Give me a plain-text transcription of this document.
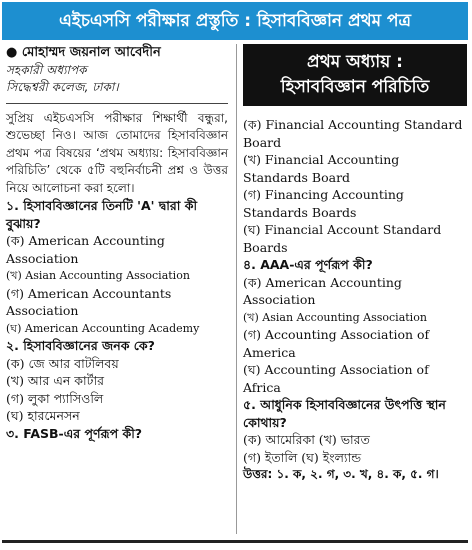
এইচএসসি পরীক্ষার প্রস্তুতি : হিসাববিজ্ঞান প্রথম পত্র
● মোহাম্মদ জয়নাল আবেদীন
সহকারী অধ্যাপক
সিদ্ধেশ্বরী কলেজ, ঢাকা।
সুপ্রিয় এইচএসসি পরীক্ষার শিক্ষার্থী বন্ধুরা, শুভেচ্ছা নিও। আজ তোমাদের হিসাববিজ্ঞান প্রথম পত্র বিষয়ের ‘প্রথম অধ্যায়: হিসাববিজ্ঞান পরিচিতি’ থেকে ৫টি বহুনির্বাচনী প্রশ্ন ও উত্তর নিয়ে আলোচনা করা হলো।
১. হিসাববিজ্ঞানের তিনটি 'A' দ্বারা কী বুঝায়?
(ক) American Accounting Association
(খ) Asian Accounting Association
(গ) American Accountants Association
(ঘ) American Accounting Academy
২. হিসাববিজ্ঞানের জনক কে?
(ক) জে আর বাটলিবয়
(খ) আর এন কার্টার
(গ) লুকা প্যাসিওলি
(ঘ) হারমেনসন
৩. FASB-এর পূর্ণরূপ কী?
প্রথম অধ্যায় :
হিসাববিজ্ঞান পরিচিতি
(ক) Financial Accounting Standard Board
(খ) Financial Accounting Standards Board
(গ) Financing Accounting Standards Boards
(ঘ) Financial Account Standard Boards
৪. AAA-এর পূর্ণরূপ কী?
(ক) American Accounting Association
(খ) Asian Accounting Association
(গ) Accounting Association of America
(ঘ) Accounting Association of Africa
৫. আধুনিক হিসাববিজ্ঞানের উৎপত্তি স্থান কোথায়?
(ক) আমেরিকা (খ) ভারত
(গ) ইতালি (ঘ) ইংল্যান্ড
উত্তর: ১. ক, ২. গ, ৩. খ, ৪. ক, ৫. গ।
